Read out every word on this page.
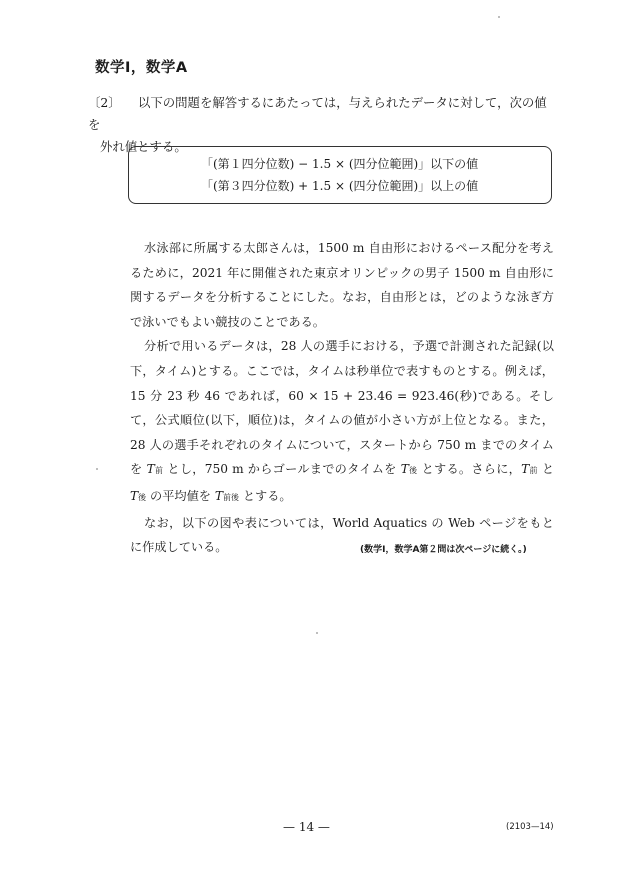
数学Ⅰ，数学A
〔2〕 以下の問題を解答するにあたっては，与えられたデータに対して，次の値を
外れ値とする。
「(第１四分位数) − 1.5 × (四分位範囲)」以下の値
「(第３四分位数) + 1.5 × (四分位範囲)」以上の値

水泳部に所属する太郎さんは，1500 m 自由形におけるペース配分を考えるために，2021 年に開催された東京オリンピックの男子 1500 m 自由形に関するデータを分析することにした。なお，自由形とは，どのような泳ぎ方で泳いでもよい競技のことである。

分析で用いるデータは，28 人の選手における，予選で計測された記録(以下，タイム)とする。ここでは，タイムは秒単位で表すものとする。例えば，15 分 23 秒 46 であれば，60 × 15 + 23.46 = 923.46(秒)である。そして，公式順位(以下，順位)は，タイムの値が小さい方が上位となる。また，28 人の選手それぞれのタイムについて，スタートから 750 m までのタイムを T前 とし，750 m からゴールまでのタイムを T後 とする。さらに，T前 と T後 の平均値を T前後 とする。

なお，以下の図や表については，World Aquatics の Web ページをもとに作成している。	(数学Ⅰ，数学A第２問は次ページに続く。)
— 14 —	(2103—14)
